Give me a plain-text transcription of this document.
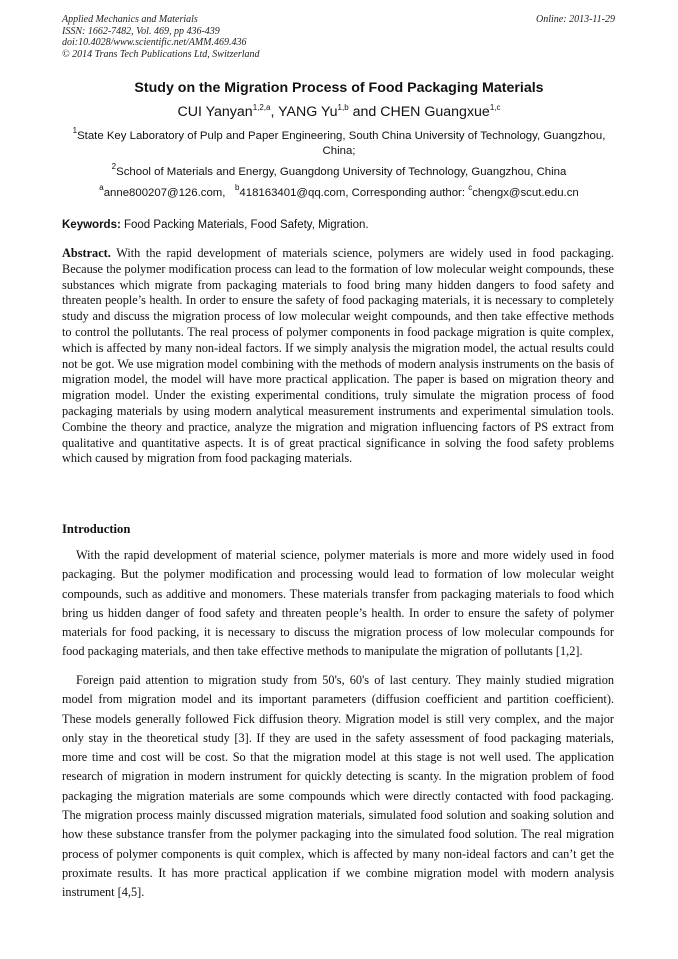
Applied Mechanics and Materials
ISSN: 1662-7482, Vol. 469, pp 436-439
doi:10.4028/www.scientific.net/AMM.469.436
© 2014 Trans Tech Publications Ltd, Switzerland
Online: 2013-11-29
Study on the Migration Process of Food Packaging Materials
CUI Yanyan$^{1,2,a}$, YANG Yu$^{1,b}$ and CHEN Guangxue$^{1,c}$
$^1$State Key Laboratory of Pulp and Paper Engineering, South China University of Technology, Guangzhou, China;
$^2$School of Materials and Energy, Guangdong University of Technology, Guangzhou, China
$^a$anne800207@126.com, $^b$418163401@qq.com, Corresponding author: $^c$chengx@scut.edu.cn
Keywords: Food Packing Materials, Food Safety, Migration.
Abstract. With the rapid development of materials science, polymers are widely used in food packaging. Because the polymer modification process can lead to the formation of low molecular weight compounds, these substances which migrate from packaging materials to food bring many hidden dangers to food safety and threaten people’s health. In order to ensure the safety of food packaging materials, it is necessary to completely study and discuss the migration process of low molecular weight compounds, and then take effective methods to control the pollutants. The real process of polymer components in food package migration is quite complex, which is affected by many non-ideal factors. If we simply analysis the migration model, the actual results could not be got. We use migration model combining with the methods of modern analysis instruments on the basis of migration model, the model will have more practical application. The paper is based on migration theory and migration model. Under the existing experimental conditions, truly simulate the migration process of food packaging materials by using modern analytical measurement instruments and experimental simulation tools. Combine the theory and practice, analyze the migration and migration influencing factors of PS extract from qualitative and quantitative aspects. It is of great practical significance in solving the food safety problems which caused by migration from food packaging materials.
Introduction
With the rapid development of material science, polymer materials is more and more widely used in food packaging. But the polymer modification and processing would lead to formation of low molecular weight compounds, such as additive and monomers. These materials transfer from packaging materials to food which bring us hidden danger of food safety and threaten people’s health. In order to ensure the safety of polymer materials for food packing, it is necessary to discuss the migration process of low molecular compounds for food packaging materials, and then take effective methods to manipulate the migration of pollutants [1,2].
Foreign paid attention to migration study from 50's, 60's of last century. They mainly studied migration model from migration model and its important parameters (diffusion coefficient and partition coefficient). These models generally followed Fick diffusion theory. Migration model is still very complex, and the major only stay in the theoretical study [3]. If they are used in the safety assessment of food packaging materials, more time and cost will be cost. So that the migration model at this stage is not well used. The application research of migration in modern instrument for quickly detecting is scanty. In the migration problem of food packaging the migration materials are some compounds which were directly contacted with food packaging. The migration process mainly discussed migration materials, simulated food solution and soaking solution and how these substance transfer from the polymer packaging into the simulated food solution. The real migration process of polymer components is quit complex, which is affected by many non-ideal factors and can’t get the proximate results. It has more practical application if we combine migration model with modern analysis instrument [4,5].
